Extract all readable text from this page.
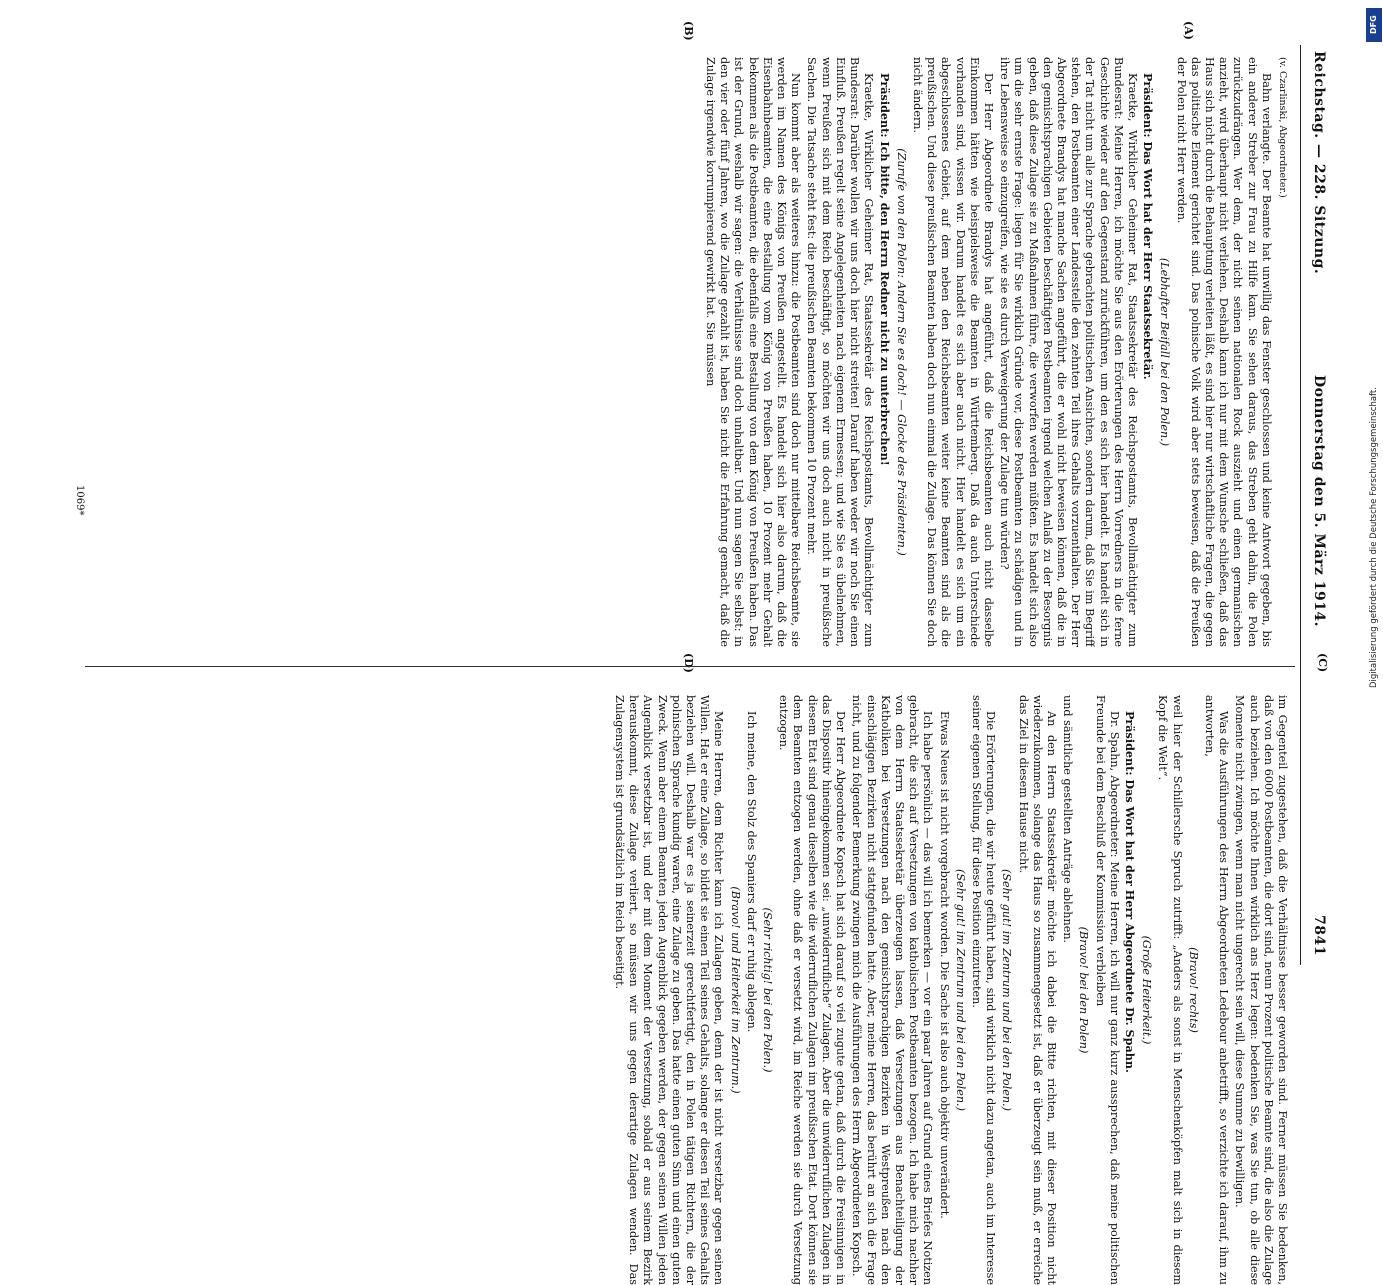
Reichstag. — 228. Sitzung.
Donnerstag den 5. März 1914.
7841
(A)
(B)
(C)
(D)

(v. Czarlinski, Abgeordneter.)

Bahn verlangte. Der Beamte hat unwillig das Fenster geschlossen und keine Antwort gegeben, bis ein anderer Streber zur Frau zu Hilfe kam. Sie sehen daraus, das Streben geht dahin, die Polen zurückzudrängen. Wer dem, der nicht seinen nationalen Rock auszieht und einen germanischen anzieht, wird überhaupt nicht verliehen. Deshalb kann ich nur mit dem Wunsche schließen, daß das Haus sich nicht durch die Behauptung verleiten läßt, es sind hier nur wirtschaftliche Fragen, die gegen das politische Element gerichtet sind. Das polnische Volk wird aber stets beweisen, daß die Preußen der Polen nicht Herr werden.

(Lebhafter Beifall bei den Polen.)

Präsident: Das Wort hat der Herr Staatssekretär.

Kraetke, Wirklicher Geheimer Rat, Staatssekretär des Reichspostamts, Bevollmächtigter zum Bundesrat: Meine Herren, ich möchte Sie aus den Erörterungen des Herrn Vorredners in die ferne Geschichte wieder auf den Gegenstand zurückführen, um den es sich hier handelt. Es handelt sich in der Tat nicht um alle zur Sprache gebrachten politischen Ansichten, sondern darum, daß Sie im Begriff stehen, den Postbeamten einer Landesstelle den zehnten Teil ihres Gehalts vorzuenthalten. Der Herr Abgeordnete Brandys hat manche Sachen angeführt, die er wohl nicht beweisen können, daß die in den gemischtsprachigen Gebieten beschäftigten Postbeamten irgend welchen Anlaß zu der Besorgnis geben, daß diese Zulage sie zu Maßnahmen führe, die verworfen werden müßten. Es handelt sich also um die sehr ernste Frage: liegen für Sie wirklich Gründe vor, diese Postbeamten zu schädigen und in ihre Lebensweise so einzugreifen, wie sie es durch Verweigerung der Zulage tun würden?

Der Herr Abgeordnete Brandys hat angeführt, daß die Reichsbeamten auch nicht dasselbe Einkommen hätten wie beispielsweise die Beamten in Württemberg. Daß da auch Unterschiede vorhanden sind, wissen wir. Darum handelt es sich aber auch nicht. Hier handelt es sich um ein abgeschlossenes Gebiet, auf dem neben den Reichsbeamten weiter keine Beamten sind als die preußischen. Und diese preußischen Beamten haben doch nun einmal die Zulage. Das können Sie doch nicht ändern.

(Zurufe von den Polen: Andern Sie es doch! — Glocke des Präsidenten.)

Präsident: Ich bitte, den Herrn Redner nicht zu unterbrechen!

Kraetke, Wirklicher Geheimer Rat, Staatssekretär des Reichspostamts, Bevollmächtigter zum Bundesrat: Darüber wollen wir uns doch hier nicht streiten! Darauf haben weder wir noch Sie einen Einfluß. Preußen regelt seine Angelegenheiten nach eigenem Ermessen; und wie Sie es übelnehmen, wenn Preußen sich mit dem Reich beschäftigt, so möchten wir uns doch auch nicht in preußische Sachen. Die Tatsache steht fest: die preußischen Beamten bekommen 10 Prozent mehr.

Nun kommt aber als weiteres hinzu: die Postbeamten sind doch nur mittelbare Reichsbeamte, sie werden im Namen des Königs von Preußen angestellt. Es handelt sich hier also darum, daß die Eisenbahnbeamten, die eine Bestallung vom König von Preußen haben, 10 Prozent mehr Gehalt bekommen als die Postbeamten, die ebenfalls eine Bestallung von dem König von Preußen haben. Das ist der Grund, weshalb wir sagen: die Verhältnisse sind doch unhaltbar. Und nun sagen Sie selbst: in den vier oder fünf Jahren, wo die Zulage gezahlt ist, haben Sie nicht die Erfahrung gemacht, daß die Zulage irgendwie korrumpierend gewirkt hat. Sie müssen

im Gegenteil zugestehen, daß die Verhältnisse besser geworden sind. Ferner müssen Sie bedenken, daß von den 6000 Postbeamten, die dort sind, neun Prozent politische Beamte sind, die also die Zulage auch beziehen. Ich möchte Ihnen wirklich ans Herz legen: bedenken Sie, was Sie tun, ob alle diese Momente nicht zwingen, wenn man nicht ungerecht sein will, diese Summe zu bewilligen.

Was die Ausführungen des Herrn Abgeordneten Ledebour anbetrifft, so verzichte ich darauf, ihm zu antworten,

(Bravo! rechts)

weil hier der Schillersche Spruch zutrifft: „Anders als sonst in Menschenköpfen malt sich in diesem Kopf die Welt“.

(Große Heiterkeit.)

Präsident: Das Wort hat der Herr Abgeordnete Dr. Spahn.

Dr. Spahn, Abgeordneter: Meine Herren, ich will nur ganz kurz aussprechen, daß meine politischen Freunde bei dem Beschluß der Kommission verbleiben

(Bravo! bei den Polen)

und sämtliche gestellten Anträge ablehnen.

An den Herrn Staatssekretär möchte ich dabei die Bitte richten, mit dieser Position nicht wiederzukommen, solange das Haus so zusammengesetzt ist, daß er überzeugt sein muß, er erreiche das Ziel in diesem Hause nicht.

(Sehr gut! im Zentrum und bei den Polen.)

Die Erörterungen, die wir heute geführt haben, sind wirklich nicht dazu angetan, auch im Interesse seiner eigenen Stellung, für diese Position einzutreten.

(Sehr gut! im Zentrum und bei den Polen.)

Etwas Neues ist nicht vorgebracht worden. Die Sache ist also auch objektiv unverändert.

Ich habe persönlich — das will ich bemerken — vor ein paar Jahren auf Grund eines Briefes Notizen gebracht, die sich auf Versetzungen von katholischen Postbeamten bezogen. Ich habe mich nachher von dem Herrn Staatssekretär überzeugen lassen, daß Versetzungen aus Benachteiligung der Katholiken bei Versetzungen nach den gemischtsprachigen Bezirken in Westpreußen nach den einschlägigen Bezirken nicht stattgefunden hatte. Aber, meine Herren, das berührt an sich die Frage nicht, und zu folgender Bemerkung zwingen mich die Ausführungen des Herrn Abgeordneten Kopsch.

Der Herr Abgeordnete Kopsch hat sich darauf so viel zugute getan, daß durch die Freisinnigen in das Dispositiv hineingekommen sei: „unwiderrufliche“ Zulagen. Aber die unwiderruflichen Zulagen in diesem Etat sind genau dieselben wie die widerruflichen Zulagen im preußischen Etat. Dort können sie dem Beamten entzogen werden, ohne daß er versetzt wird, im Reiche werden sie durch Versetzung entzogen.

(Sehr richtig! bei den Polen.)

Ich meine, den Stolz des Spaniers darf er ruhig ablegen.

(Bravo! und Heiterkeit im Zentrum.)

Meine Herren, dem Richter kann ich Zulagen geben, denn der ist nicht versetzbar gegen seinen Willen. Hat er eine Zulage, so bildet sie einen Teil seines Gehalts, solange er diesen Teil seines Gehalts beziehen will. Deshalb war es ja seinerzeit gerechtfertigt, den in Polen tätigen Richtern, die der polnischen Sprache kundig waren, eine Zulage zu geben. Das hatte einen guten Sinn und einen guten Zweck. Wenn aber einem Beamten jeden Augenblick gegeben werden, der gegen seinen Willen jeden Augenblick versetzbar ist, und der mit dem Moment der Versetzung, sobald er aus seinem Bezirk herauskommt, diese Zulage verliert, so müssen wir uns gegen derartige Zulagen wenden. Das Zulagensystem ist grundsätzlich im Reich beseitigt.

1069*
DFG
Digitalisierung gefördert durch die Deutsche Forschungsgemeinschaft.
